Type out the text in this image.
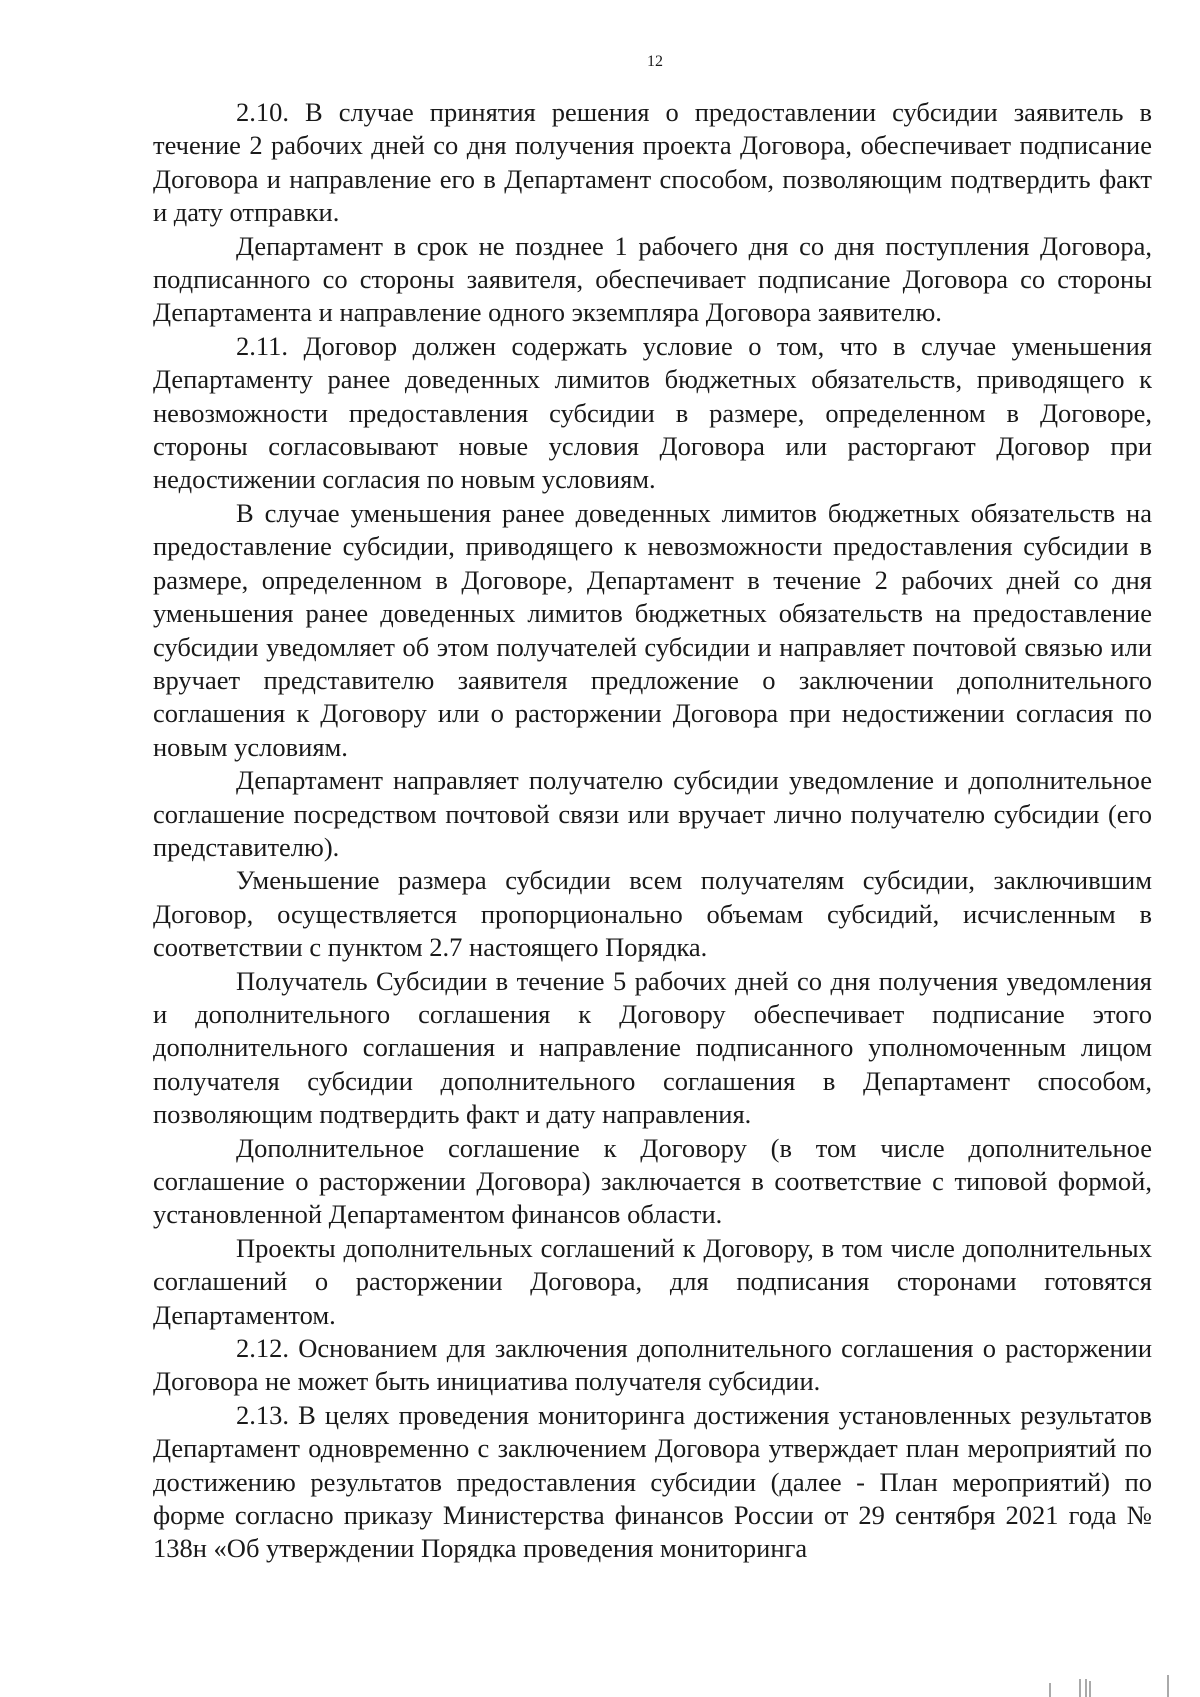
12

2.10. В случае принятия решения о предоставлении субсидии заявитель в течение 2 рабочих дней со дня получения проекта Договора, обеспечивает подписание Договора и направление его в Департамент способом, позволяющим подтвердить факт и дату отправки.

Департамент в срок не позднее 1 рабочего дня со дня поступления Договора, подписанного со стороны заявителя, обеспечивает подписание Договора со стороны Департамента и направление одного экземпляра Договора заявителю.

2.11. Договор должен содержать условие о том, что в случае уменьшения Департаменту ранее доведенных лимитов бюджетных обязательств, приводящего к невозможности предоставления субсидии в размере, определенном в Договоре, стороны согласовывают новые условия Договора или расторгают Договор при недостижении согласия по новым условиям.

В случае уменьшения ранее доведенных лимитов бюджетных обязательств на предоставление субсидии, приводящего к невозможности предоставления субсидии в размере, определенном в Договоре, Департамент в течение 2 рабочих дней со дня уменьшения ранее доведенных лимитов бюджетных обязательств на предоставление субсидии уведомляет об этом получателей субсидии и направляет почтовой связью или вручает представителю заявителя предложение о заключении дополнительного соглашения к Договору или о расторжении Договора при недостижении согласия по новым условиям.

Департамент направляет получателю субсидии уведомление и дополнительное соглашение посредством почтовой связи или вручает лично получателю субсидии (его представителю).

Уменьшение размера субсидии всем получателям субсидии, заключившим Договор, осуществляется пропорционально объемам субсидий, исчисленным в соответствии с пунктом 2.7 настоящего Порядка.

Получатель Субсидии в течение 5 рабочих дней со дня получения уведомления и дополнительного соглашения к Договору обеспечивает подписание этого дополнительного соглашения и направление подписанного уполномоченным лицом получателя субсидии дополнительного соглашения в Департамент способом, позволяющим подтвердить факт и дату направления.

Дополнительное соглашение к Договору (в том числе дополнительное соглашение о расторжении Договора) заключается в соответствие с типовой формой, установленной Департаментом финансов области.

Проекты дополнительных соглашений к Договору, в том числе дополнительных соглашений о расторжении Договора, для подписания сторонами готовятся Департаментом.

2.12. Основанием для заключения дополнительного соглашения о расторжении Договора не может быть инициатива получателя субсидии.

2.13. В целях проведения мониторинга достижения установленных результатов Департамент одновременно с заключением Договора утверждает план мероприятий по достижению результатов предоставления субсидии (далее - План мероприятий) по форме согласно приказу Министерства финансов России от 29 сентября 2021 года № 138н «Об утверждении Порядка проведения мониторинга
